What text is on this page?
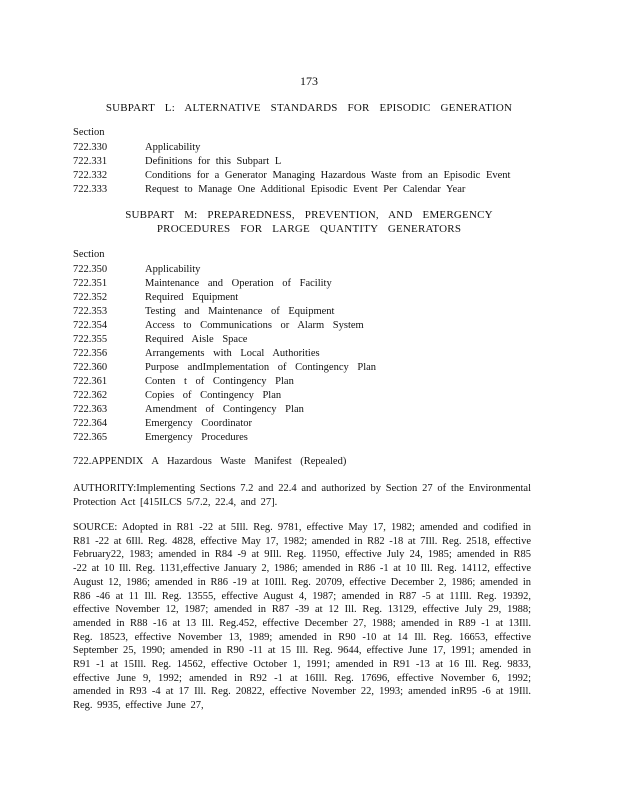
173
SUBPART L: ALTERNATIVE STANDARDS FOR EPISODIC GENERATION
Section
722.330	Applicability
722.331	Definitions for this Subpart L
722.332	Conditions for a Generator Managing Hazardous Waste from an Episodic Event
722.333	Request to Manage One Additional Episodic Event Per Calendar Year
SUBPART M: PREPAREDNESS, PREVENTION, AND EMERGENCY
PROCEDURES FOR LARGE QUANTITY GENERATORS
Section
722.350	Applicability
722.351	Maintenance and Operation of Facility
722.352	Required Equipment
722.353	Testing and Maintenance of Equipment
722.354	Access to Communications or Alarm System
722.355	Required Aisle Space
722.356	Arrangements with Local Authorities
722.360	Purpose andImplementation of Contingency Plan
722.361	Conten t of Contingency Plan
722.362	Copies of Contingency Plan
722.363	Amendment of Contingency Plan
722.364	Emergency Coordinator
722.365	Emergency Procedures
722.APPENDIX A Hazardous Waste Manifest (Repealed)

AUTHORITY:Implementing Sections 7.2 and 22.4 and authorized by Section 27 of the Environmental Protection Act [415ILCS 5/7.2, 22.4, and 27].

SOURCE: Adopted in R81 -22 at 5Ill. Reg. 9781, effective May 17, 1982; amended and codified in R81 -22 at 6Ill. Reg. 4828, effective May 17, 1982; amended in R82 -18 at 7Ill. Reg. 2518, effective February22, 1983; amended in R84 -9 at 9Ill. Reg. 11950, effective July 24, 1985; amended in R85 -22 at 10 Ill. Reg. 1131,effective January 2, 1986; amended in R86 -1 at 10 Ill. Reg. 14112, effective August 12, 1986; amended in R86 -19 at 10Ill. Reg. 20709, effective December 2, 1986; amended in R86 -46 at 11 Ill. Reg. 13555, effective August 4, 1987; amended in R87 -5 at 11Ill. Reg. 19392, effective November 12, 1987; amended in R87 -39 at 12 Ill. Reg. 13129, effective July 29, 1988; amended in R88 -16 at 13 Ill. Reg.452, effective December 27, 1988; amended in R89 -1 at 13Ill. Reg. 18523, effective November 13, 1989; amended in R90 -10 at 14 Ill. Reg. 16653, effective September 25, 1990; amended in R90 -11 at 15 Ill. Reg. 9644, effective June 17, 1991; amended in R91 -1 at 15Ill. Reg. 14562, effective October 1, 1991; amended in R91 -13 at 16 Ill. Reg. 9833, effective June 9, 1992; amended in R92 -1 at 16Ill. Reg. 17696, effective November 6, 1992; amended in R93 -4 at 17 Ill. Reg. 20822, effective November 22, 1993; amended inR95 -6 at 19Ill. Reg. 9935, effective June 27,
